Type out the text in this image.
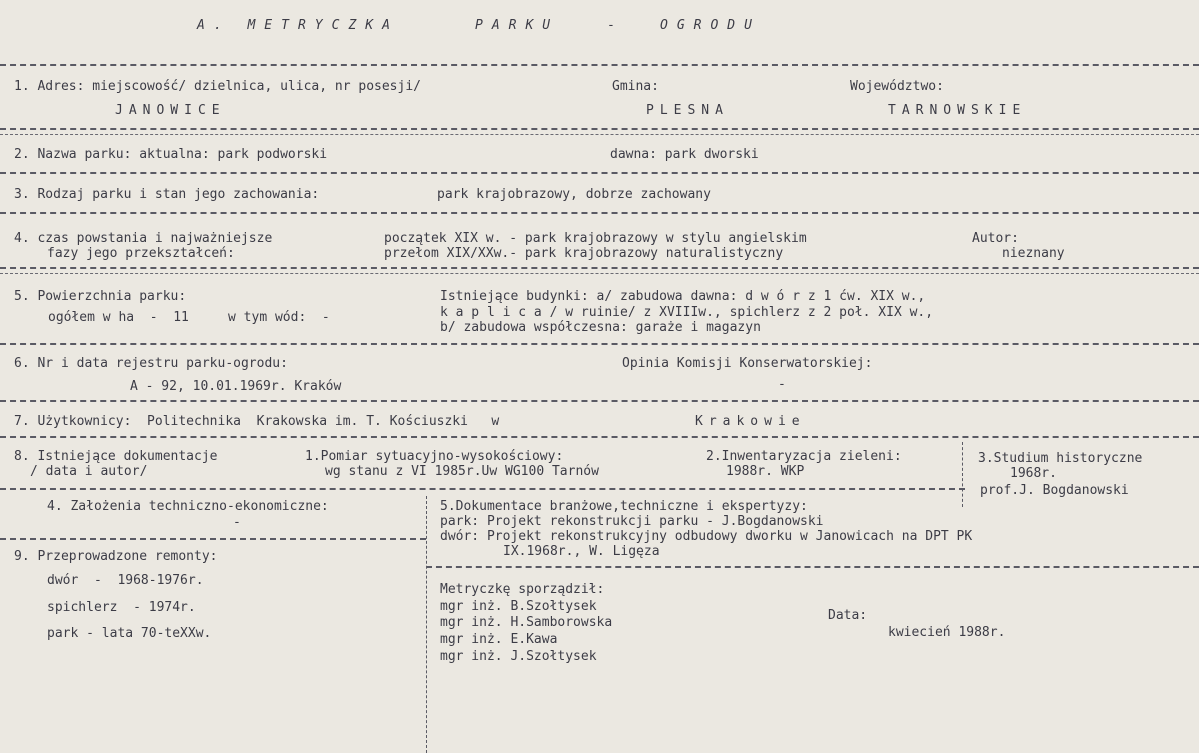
A. METRYCZKA	PARKU	-	OGRODU
1. Adres: miejscowość/ dzielnica, ulica, nr posesji/	Gmina:	Województwo:
JANOWICE	PLESNA	TARNOWSKIE
2. Nazwa parku: aktualna: park podworski	dawna: park dworski
3. Rodzaj parku i stan jego zachowania:	park krajobrazowy, dobrze zachowany
4. czas powstania i najważniejsze
fazy jego przekształceń:
początek XIX w. - park krajobrazowy w stylu angielskim
przełom XIX/XXw.- park krajobrazowy naturalistyczny
Autor:
nieznany
5. Powierzchnia parku:
ogółem w ha  -  11     w tym wód:  -
Istniejące budynki: a/ zabudowa dawna: d w ó r z 1 ćw. XIX w.,
k a p l i c a / w ruinie/ z XVIIIw., spichlerz z 2 poł. XIX w.,
b/ zabudowa współczesna: garaże i magazyn
6. Nr i data rejestru parku-ogrodu:
A - 92, 10.01.1969r. Kraków
Opinia Komisji Konserwatorskiej:
-
7. Użytkownicy:  Politechnika  Krakowska im. T. Kościuszki   w	Krakowie
8. Istniejące dokumentacje
/ data i autor/
1.Pomiar sytuacyjno-wysokościowy:
wg stanu z VI 1985r.Uw WG100 Tarnów
2.Inwentaryzacja zieleni:
1988r. WKP
3.Studium historyczne
1968r.
prof.J. Bogdanowski
4. Założenia techniczno-ekonomiczne:
-
5.Dokumentace branżowe,techniczne i ekspertyzy:
park: Projekt rekonstrukcji parku - J.Bogdanowski
dwór: Projekt rekonstrukcyjny odbudowy dworku w Janowicach na DPT PK
IX.1968r., W. Ligęza
9. Przeprowadzone remonty:
dwór  -  1968-1976r.
spichlerz  - 1974r.
park - lata 70-teXXw.
Metryczkę sporządził:
mgr inż. B.Szołtysek
mgr inż. H.Samborowska
mgr inż. E.Kawa
mgr inż. J.Szołtysek
Data:
kwiecień 1988r.
